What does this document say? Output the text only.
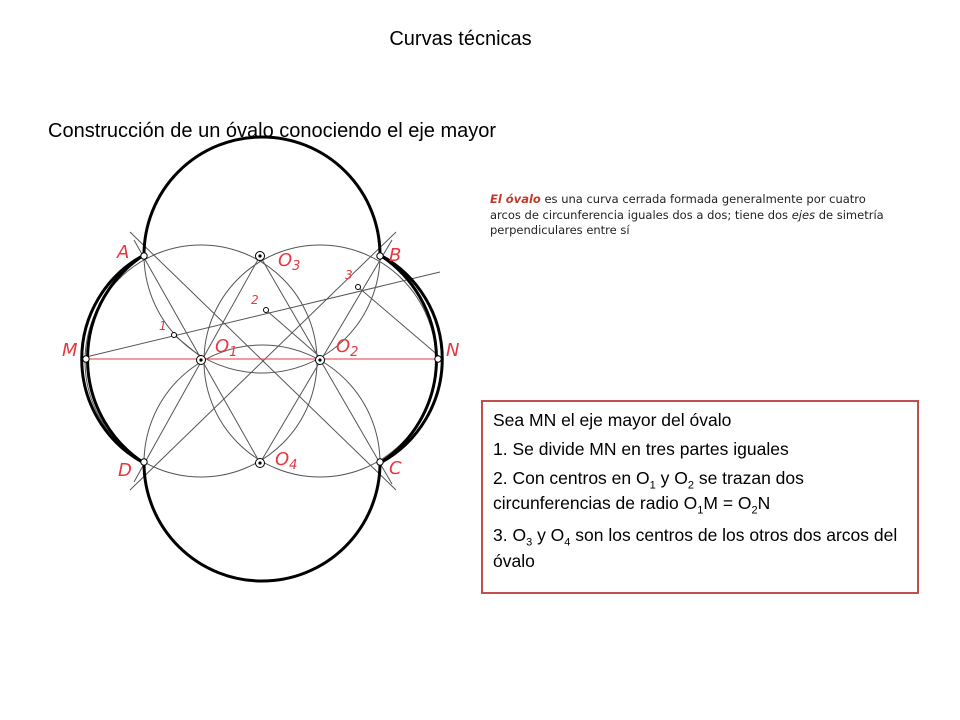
Curvas técnicas
Construcción de un óvalo conociendo el eje mayor
El óvalo es una curva cerrada formada generalmente por cuatro arcos de circunferencia iguales dos a dos; tiene dos ejes de simetría perpendiculares entre sí

Sea MN el eje mayor del óvalo

1. Se divide MN en tres partes iguales

2. Con centros en $O_1$ y $O_2$ se trazan dos circunferencias de radio $O_1M = O_2N$

3. $O_3$ y $O_4$ son los centros de los otros dos arcos del óvalo

A	B
C
D
M	N
$O_1$	$O_2$
$O_3$
$O_4$
1
2
3
